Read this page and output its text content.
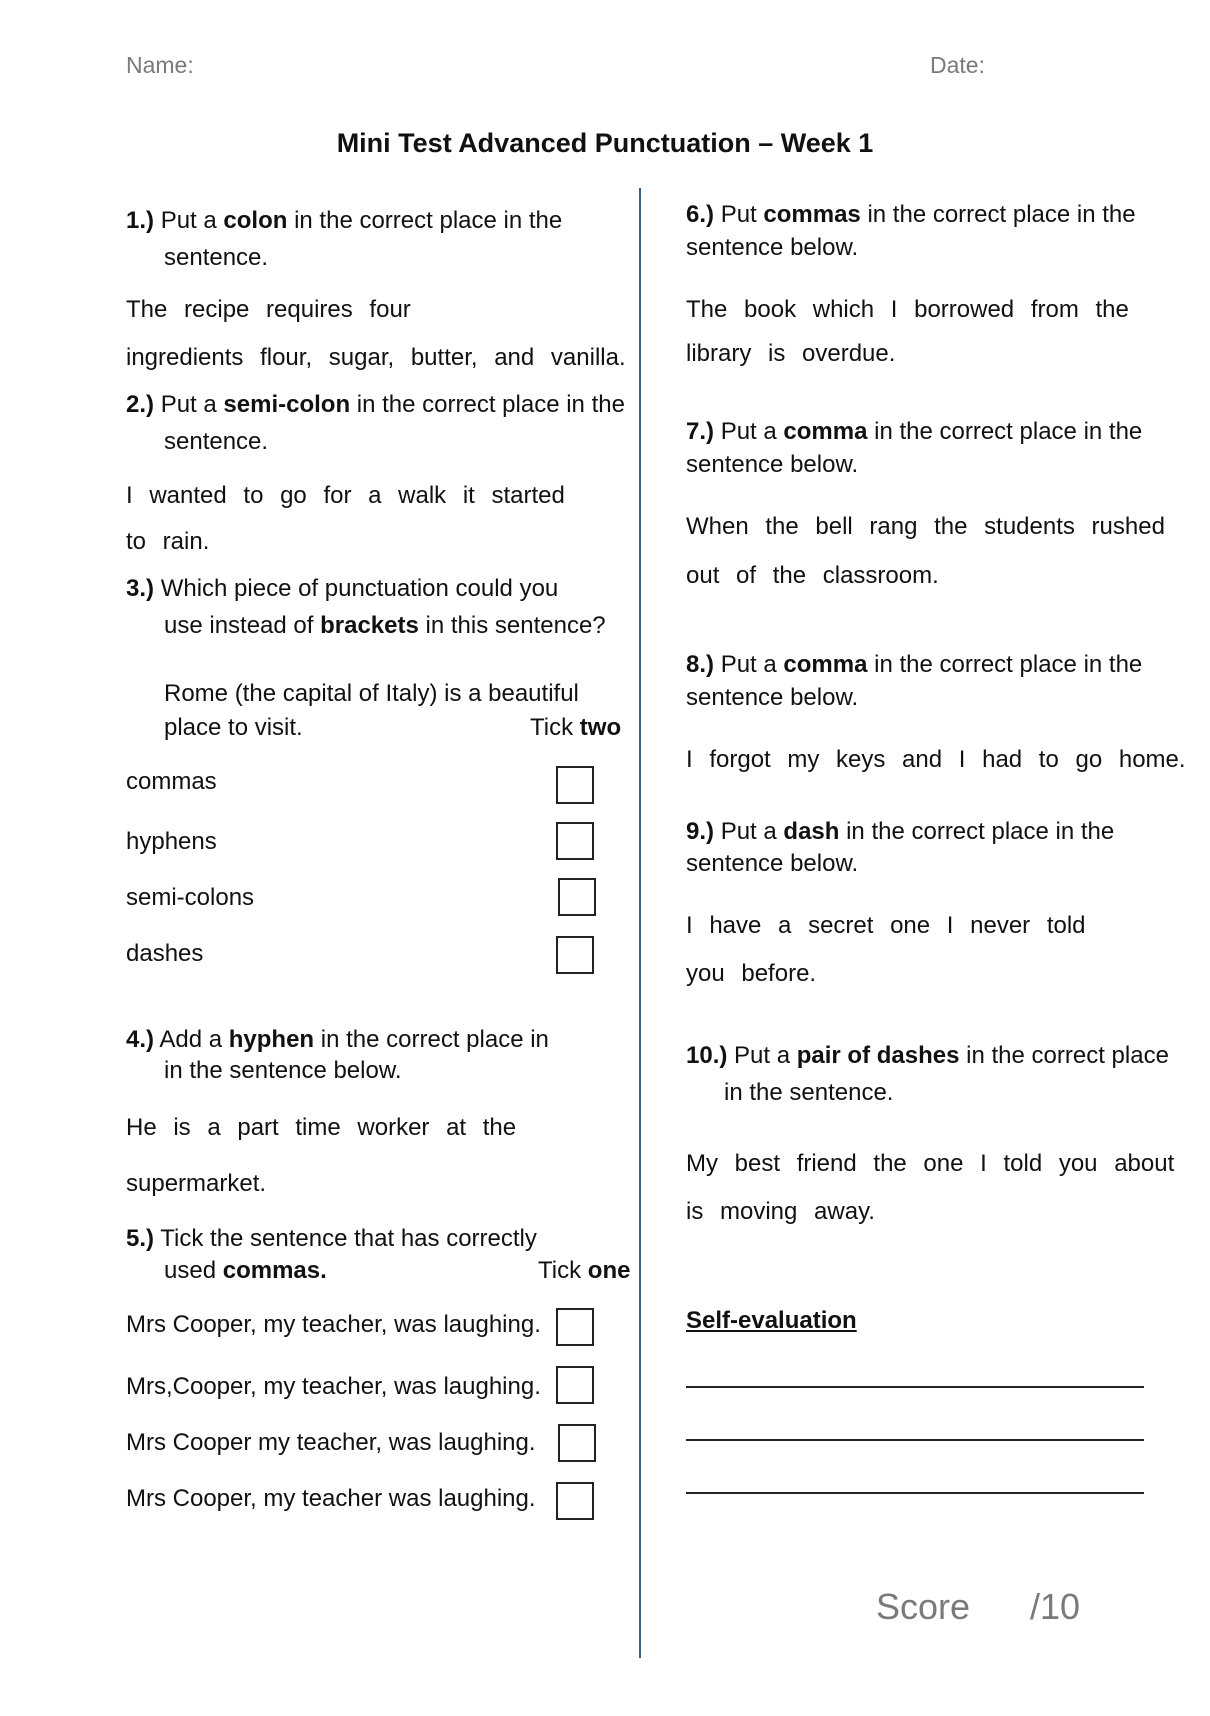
Name:	Date:
Mini Test Advanced Punctuation – Week 1
1.) Put a colon in the correct place in the
sentence.
The recipe requires four
ingredients flour, sugar, butter, and vanilla.
2.) Put a semi-colon in the correct place in the
sentence.
I wanted to go for a walk it started
to rain.
3.) Which piece of punctuation could you
use instead of brackets in this sentence?
Rome (the capital of Italy) is a beautiful
place to visit.	Tick two
commas
hyphens
semi-colons
dashes
4.) Add a hyphen in the correct place in
in the sentence below.
He is a part time worker at the
supermarket.
5.) Tick the sentence that has correctly
used commas.	Tick one
Mrs Cooper, my teacher, was laughing.
Mrs,Cooper, my teacher, was laughing.
Mrs Cooper my teacher, was laughing.
Mrs Cooper, my teacher was laughing.
6.) Put commas in the correct place in the
sentence below.
The book which I borrowed from the
library is overdue.
7.) Put a comma in the correct place in the
sentence below.
When the bell rang the students rushed
out of the classroom.
8.) Put a comma in the correct place in the
sentence below.
I forgot my keys and I had to go home.
9.) Put a dash in the correct place in the
sentence below.
I have a secret one I never told
you before.
10.) Put a pair of dashes in the correct place
in the sentence.
My best friend the one I told you about
is moving away.
Self-evaluation
Score /10
